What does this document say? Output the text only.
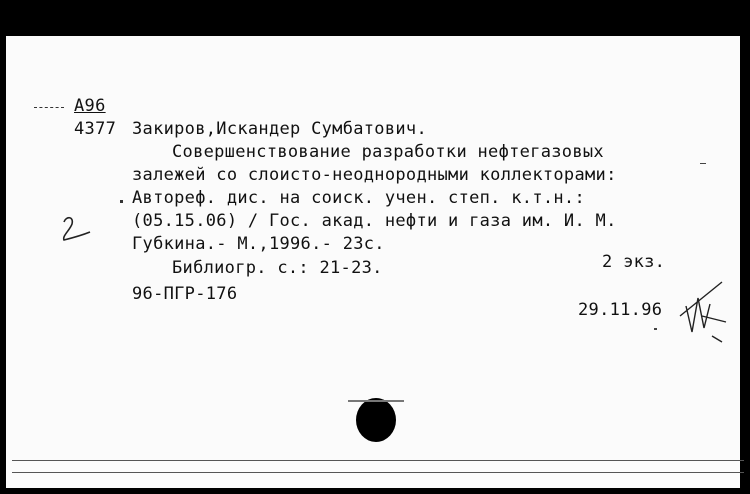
А96
4377 Закиров,Искандер Сумбатович.
Совершенствование разработки нефтегазовых
залежей со слоисто-неоднородными коллекторами:
Автореф. дис. на соиск. учен. степ. к.т.н.:
(05.15.06) / Гос. акад. нефти и газа им. И. М.
Губкина.- М.,1996.- 23с.
Библиогр. с.: 21-23.	2 экз.
96-ПГР-176
29.11.96
